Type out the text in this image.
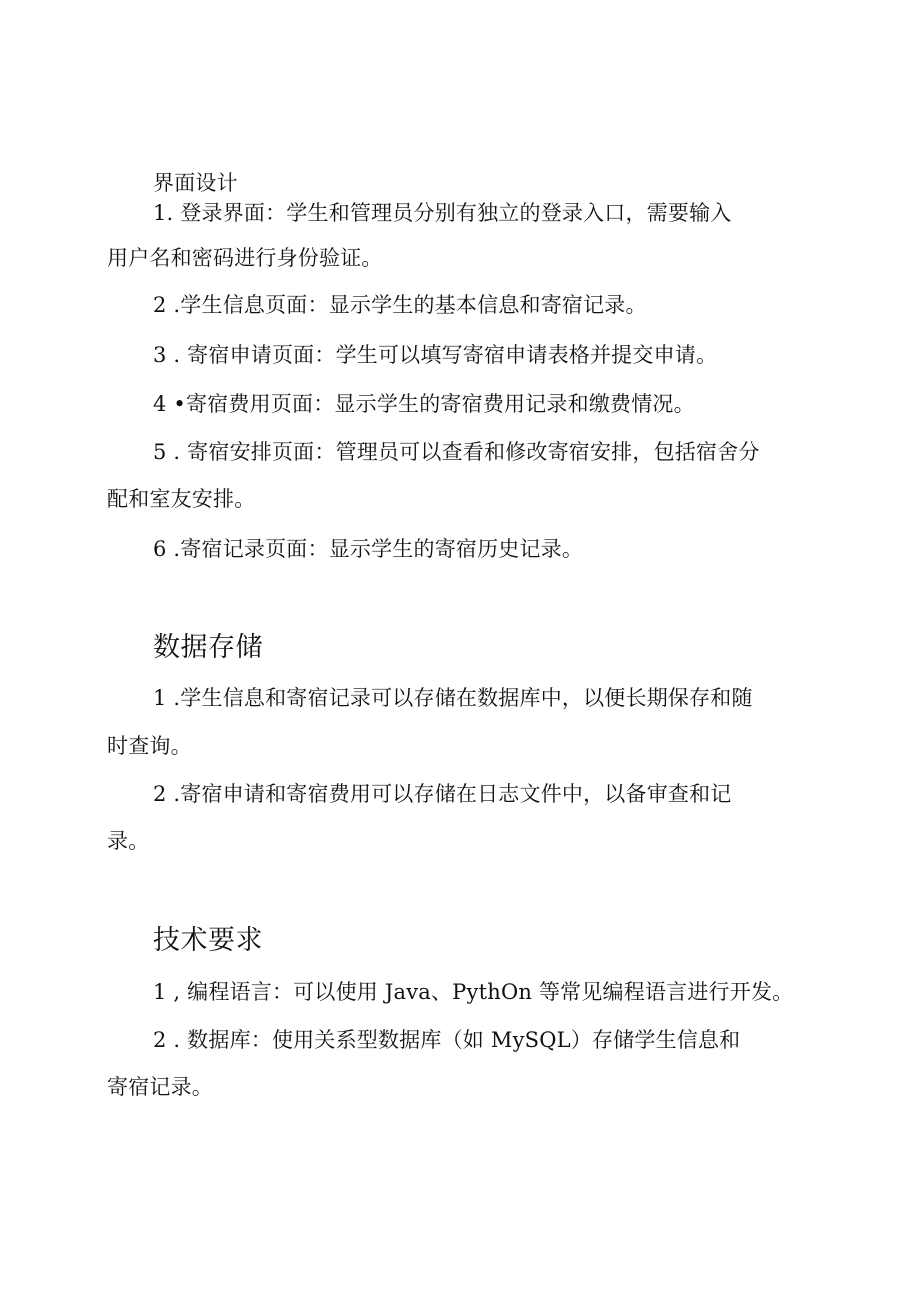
界面设计
1. 登录界面：学生和管理员分别有独立的登录入口，需要输入
用户名和密码进行身份验证。
2 .学生信息页面：显示学生的基本信息和寄宿记录。
3 . 寄宿申请页面：学生可以填写寄宿申请表格并提交申请。
4 •寄宿费用页面：显示学生的寄宿费用记录和缴费情况。
5 . 寄宿安排页面：管理员可以查看和修改寄宿安排，包括宿舍分
配和室友安排。
6 .寄宿记录页面：显示学生的寄宿历史记录。
数据存储
1 .学生信息和寄宿记录可以存储在数据库中，以便长期保存和随
时查询。
2 .寄宿申请和寄宿费用可以存储在日志文件中，以备审查和记
录。
技术要求
1 , 编程语言：可以使用 Java、PythOn 等常见编程语言进行开发。
2 . 数据库：使用关系型数据库（如 MySQL）存储学生信息和
寄宿记录。
